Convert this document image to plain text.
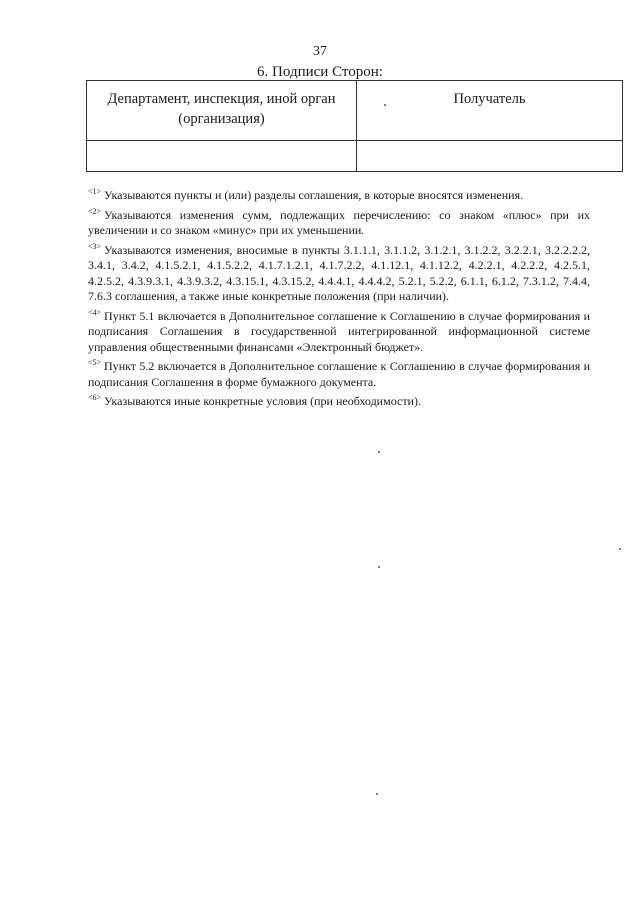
37
6. Подписи Сторон:
Департамент, инспекция, иной орган (организация)	Получатель

$^{<1>}$ Указываются пункты и (или) разделы соглашения, в которые вносятся изменения.
$^{<2>}$ Указываются изменения сумм, подлежащих перечислению: со знаком «плюс» при их увеличении и со знаком «минус» при их уменьшении.
$^{<3>}$ Указываются изменения, вносимые в пункты 3.1.1.1, 3.1.1.2, 3.1.2.1, 3.1.2.2, 3.2.2.1, 3.2.2.2.2, 3.4.1, 3.4.2, 4.1.5.2.1, 4.1.5.2.2, 4.1.7.1.2.1, 4.1.7.2.2, 4.1.12.1, 4.1.12.2, 4.2.2.1, 4.2.2.2, 4.2.5.1, 4.2.5.2, 4.3.9.3.1, 4.3.9.3.2, 4.3.15.1, 4.3.15.2, 4.4.4.1, 4.4.4.2, 5.2.1, 5.2.2, 6.1.1, 6.1.2, 7.3.1.2, 7.4.4, 7.6.3 соглашения, а также иные конкретные положения (при наличии).
$^{<4>}$ Пункт 5.1 включается в Дополнительное соглашение к Соглашению в случае формирования и подписания Соглашения в государственной интегрированной информационной системе управления общественными финансами «Электронный бюджет».
$^{<5>}$ Пункт 5.2 включается в Дополнительное соглашение к Соглашению в случае формирования и подписания Соглашения в форме бумажного документа.
$^{<6>}$ Указываются иные конкретные условия (при необходимости).
